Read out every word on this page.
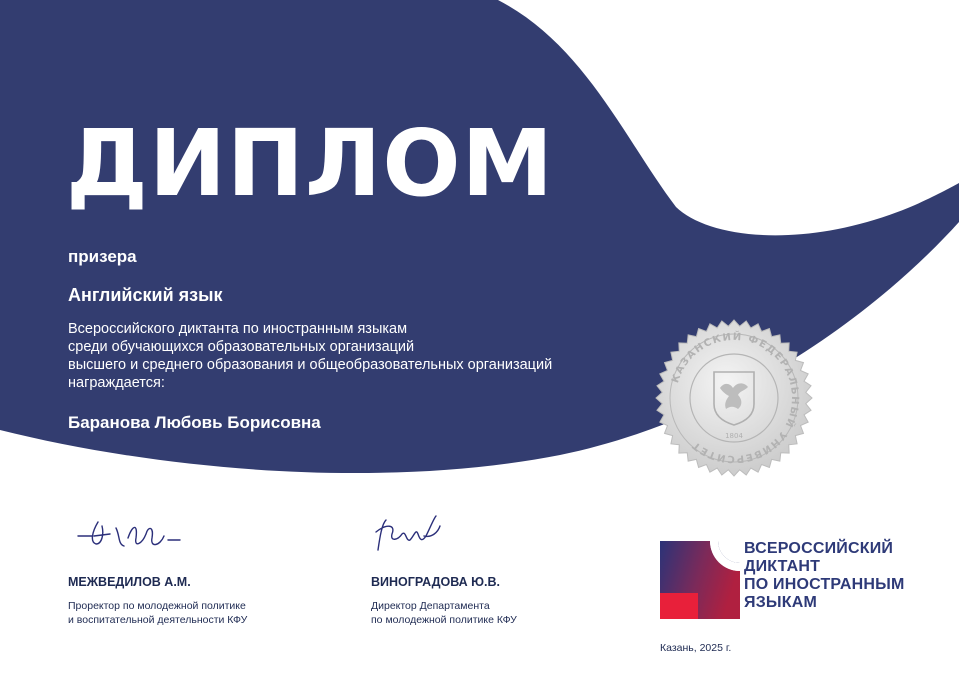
ДИПЛОМ
призера
Английский язык
Всероссийского диктанта по иностранным языкам
среди обучающихся образовательных организаций
высшего и среднего образования и общеобразовательных организаций
награждается:
Баранова Любовь Борисовна
Казанский
федеральный
университет
ДЕПАРТАМЕНТ
по молодежной
политике
Казанский
федеральный
университет
ИНСТИТУТ
международных отношений,
истории и востоковедения
КАЗАНСКИЙ ФЕДЕРАЛЬНЫЙ УНИВЕРСИТЕТ
1804
МЕЖВЕДИЛОВ А.М.
Проректор по молодежной политике
и воспитательной деятельности КФУ
ВИНОГРАДОВА Ю.В.
Директор Департамента
по молодежной политике КФУ
ВСЕРОССИЙСКИЙ
ДИКТАНТ
ПО ИНОСТРАННЫМ
ЯЗЫКАМ
Казань, 2025 г.
